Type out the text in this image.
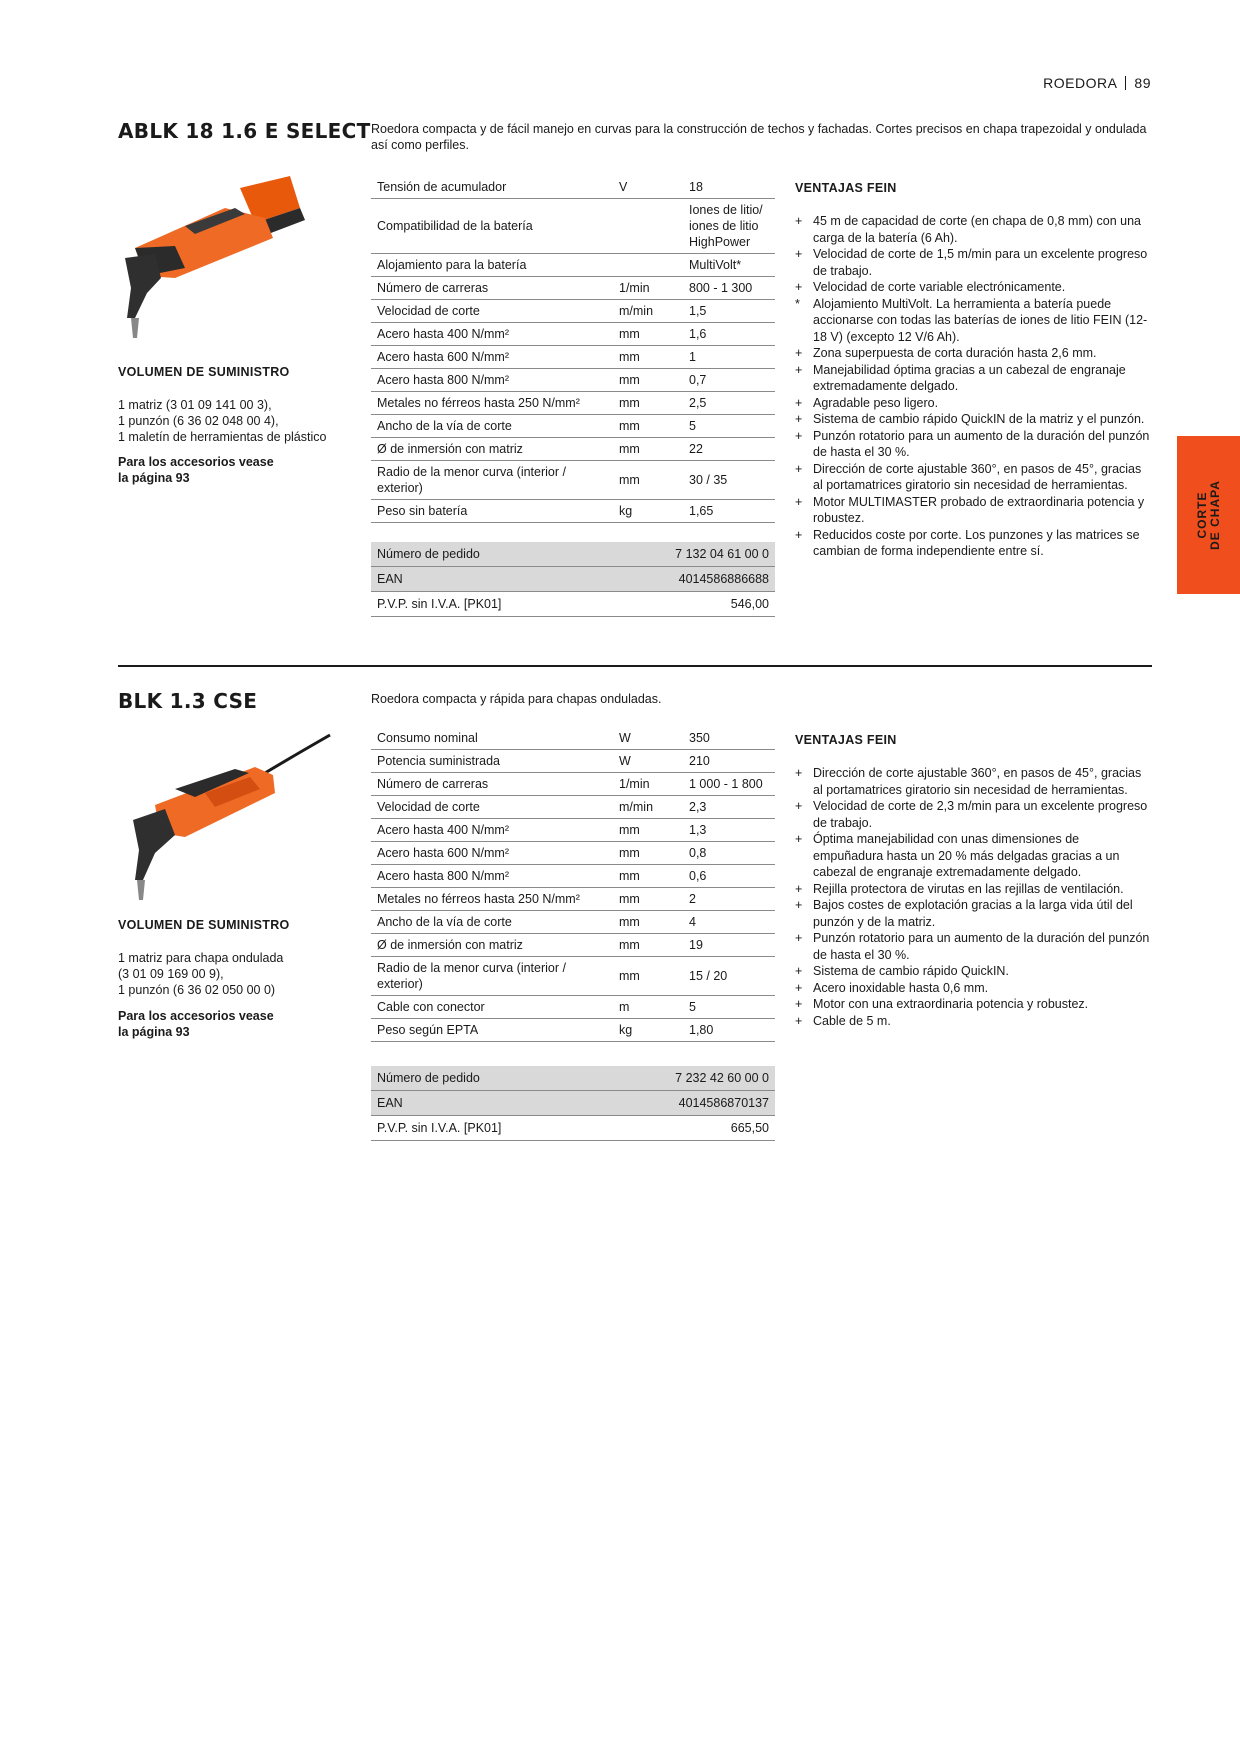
ROEDORA 89
CORTE DE CHAPA
ABLK 18 1.6 E SELECT Roedora compacta y de fácil manejo en curvas para la construcción de techos y fachadas. Cortes precisos en chapa trapezoidal y ondulada así como perfiles.
VOLUMEN DE SUMINISTRO
1 matriz (3 01 09 141 00 3),
1 punzón (6 36 02 048 00 4),
1 maletín de herramientas de plástico
Para los accesorios vease
la página 93
Tensión de acumulador	V	18
Compatibilidad de la batería		Iones de litio/ iones de litio HighPower
Alojamiento para la batería		MultiVolt*
Número de carreras	1/min	800 - 1 300
Velocidad de corte	m/min	1,5
Acero hasta 400 N/mm²	mm	1,6
Acero hasta 600 N/mm²	mm	1
Acero hasta 800 N/mm²	mm	0,7
Metales no férreos hasta 250 N/mm²	mm	2,5
Ancho de la vía de corte	mm	5
Ø de inmersión con matriz	mm	22
Radio de la menor curva (interior / exterior)	mm	30 / 35
Peso sin batería	kg	1,65
Número de pedido	7 132 04 61 00 0
EAN	4014586886688
P.V.P. sin I.V.A. [PK01]	546,00
VENTAJAS FEIN
+ 45 m de capacidad de corte (en chapa de 0,8 mm) con una carga de la batería (6 Ah).
+ Velocidad de corte de 1,5 m/min para un excelente progreso de trabajo.
+ Velocidad de corte variable electrónicamente.
*	Alojamiento MultiVolt. La herramienta a batería puede accionarse con todas las baterías de iones de litio FEIN (12-18 V) (excepto 12 V/6 Ah).
+ Zona superpuesta de corta duración hasta 2,6 mm.
+ Manejabilidad óptima gracias a un cabezal de engranaje extremadamente delgado.
+ Agradable peso ligero.
+ Sistema de cambio rápido QuickIN de la matriz y el punzón.
+ Punzón rotatorio para un aumento de la duración del punzón de hasta el 30 %.
+ Dirección de corte ajustable 360°, en pasos de 45°, gracias al portamatrices giratorio sin necesidad de herramientas.
+ Motor MULTIMASTER probado de extraordinaria potencia y robustez.
+ Reducidos coste por corte. Los punzones y las matrices se cambian de forma independiente entre sí.
BLK 1.3 CSE	Roedora compacta y rápida para chapas onduladas.
VOLUMEN DE SUMINISTRO
1 matriz para chapa ondulada
(3 01 09 169 00 9),
1 punzón (6 36 02 050 00 0)
Para los accesorios vease
la página 93
Consumo nominal	W	350
Potencia suministrada	W	210
Número de carreras	1/min	1 000 - 1 800
Velocidad de corte	m/min	2,3
Acero hasta 400 N/mm²	mm	1,3
Acero hasta 600 N/mm²	mm	0,8
Acero hasta 800 N/mm²	mm	0,6
Metales no férreos hasta 250 N/mm²	mm	2
Ancho de la vía de corte	mm	4
Ø de inmersión con matriz	mm	19
Radio de la menor curva (interior / exterior)	mm	15 / 20
Cable con conector	m	5
Peso según EPTA	kg	1,80
Número de pedido	7 232 42 60 00 0
EAN	4014586870137
P.V.P. sin I.V.A. [PK01]	665,50
VENTAJAS FEIN
+ Dirección de corte ajustable 360°, en pasos de 45°, gracias al portamatrices giratorio sin necesidad de herramientas.
+ Velocidad de corte de 2,3 m/min para un excelente progreso de trabajo.
+ Óptima manejabilidad con unas dimensiones de empuñadura hasta un 20 % más delgadas gracias a un cabezal de engranaje extremadamente delgado.
+ Rejilla protectora de virutas en las rejillas de ventilación.
+ Bajos costes de explotación gracias a la larga vida útil del punzón y de la matriz.
+ Punzón rotatorio para un aumento de la duración del punzón de hasta el 30 %.
+ Sistema de cambio rápido QuickIN.
+ Acero inoxidable hasta 0,6 mm.
+ Motor con una extraordinaria potencia y robustez.
+ Cable de 5 m.
